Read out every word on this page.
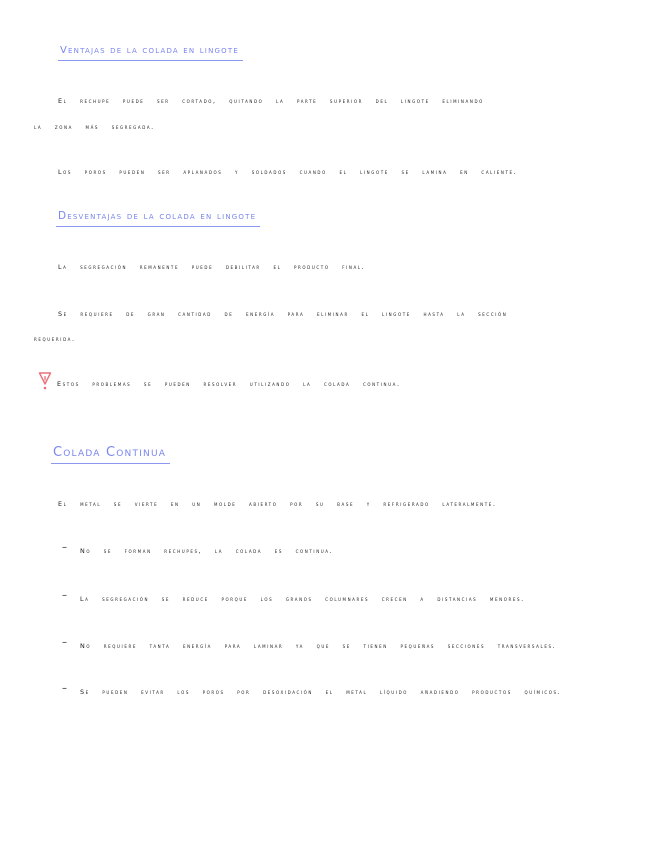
Ventajas de la colada en lingote
El rechupe puede ser cortado, quitando la parte superior del lingote eliminando
la zona más segregada.
Los poros pueden ser aplanados y soldados cuando el lingote se lamina en caliente.
Desventajas de la colada en lingote
La segregación remanente puede debilitar el producto final.
Se requiere de gran cantidad de energía para eliminar el lingote hasta la sección
requerida.
Estos problemas se pueden resolver utilizando la colada continua.
Colada Continua
El metal se vierte en un molde abierto por su base y refrigerado lateralmente.
– No se forman rechupes, la colada es continua.
– La segregación se reduce porque los granos columnares crecen a distancias menores.
– No requiere tanta energía para laminar ya que se tienen pequeñas secciones transversales.
– Se pueden evitar los poros por desoxidación el metal líquido añadiendo productos químicos.
